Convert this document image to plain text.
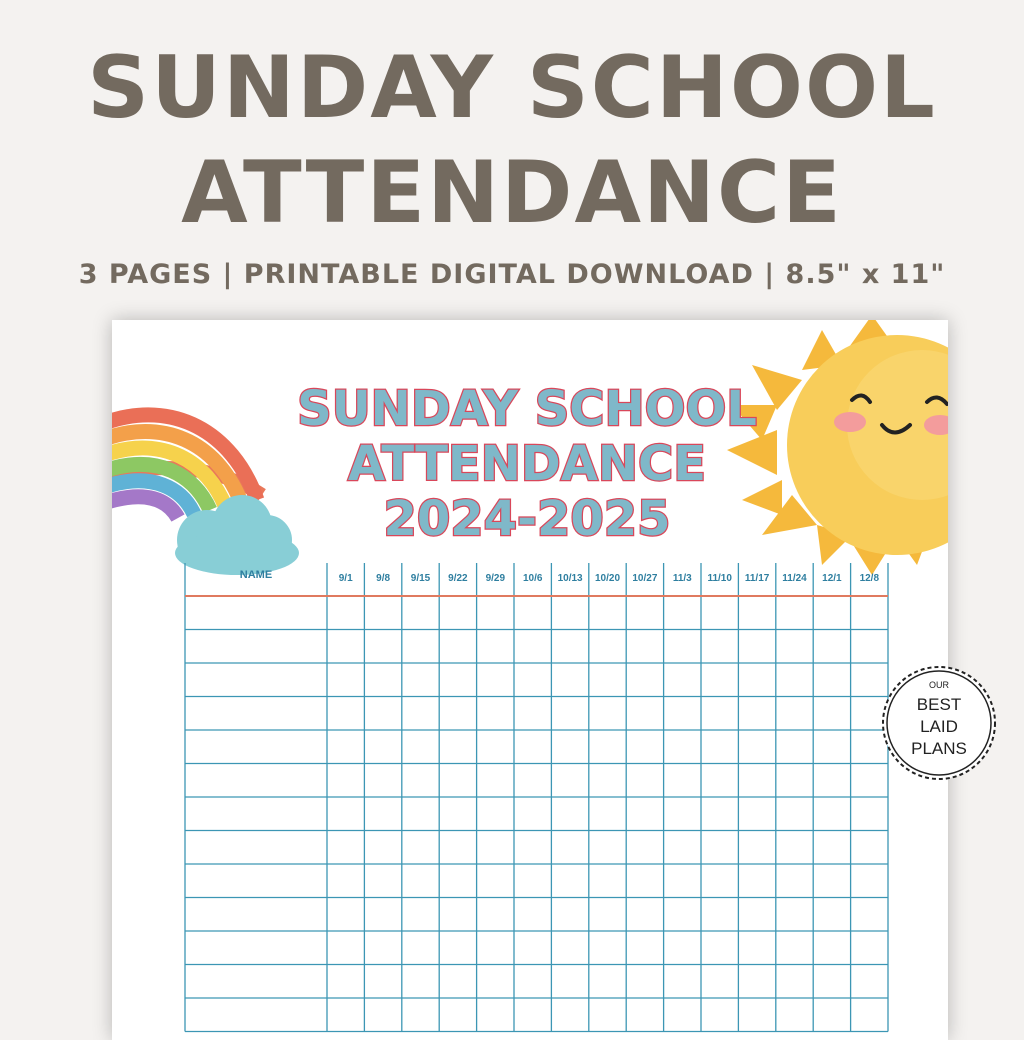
SUNDAY SCHOOL
ATTENDANCE
3 PAGES | PRINTABLE DIGITAL DOWNLOAD | 8.5" x 11"
SUNDAY SCHOOL
ATTENDANCE
2024-2025
NAME	9/1 9/8 9/15 9/22 9/29 10/6 10/13 10/20 10/27 11/3 11/10 11/17 11/24 12/1 12/8
OUR
BEST
LAID
PLANS
